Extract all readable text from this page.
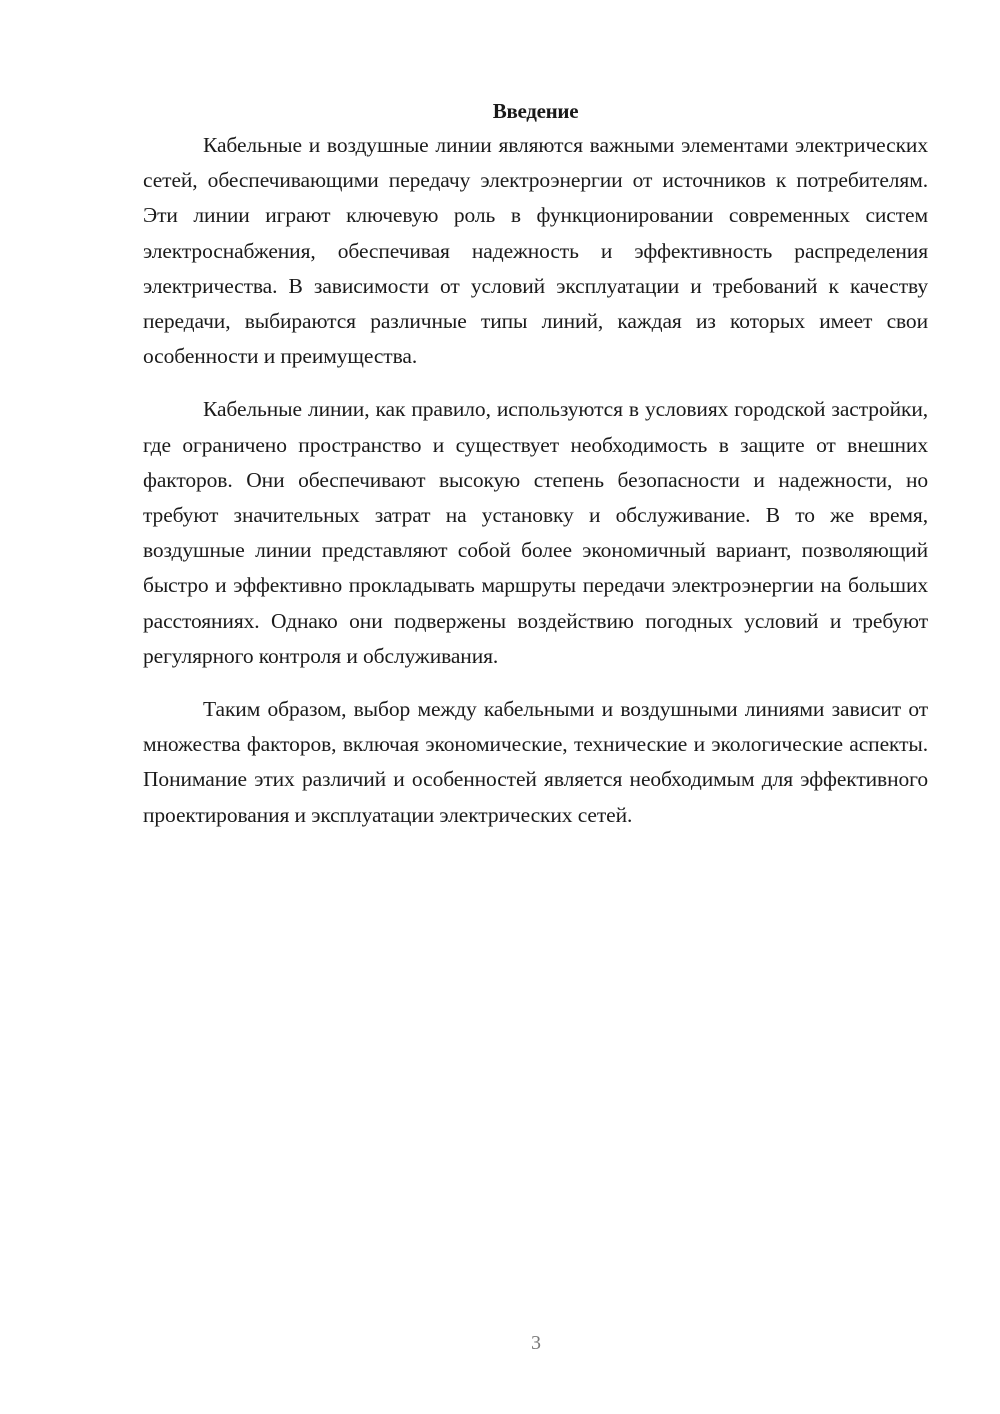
Введение

Кабельные и воздушные линии являются важными элементами электрических сетей, обеспечивающими передачу электроэнергии от источников к потребителям. Эти линии играют ключевую роль в функционировании современных систем электроснабжения, обеспечивая надежность и эффективность распределения электричества. В зависимости от условий эксплуатации и требований к качеству передачи, выбираются различные типы линий, каждая из которых имеет свои особенности и преимущества.

Кабельные линии, как правило, используются в условиях городской застройки, где ограничено пространство и существует необходимость в защите от внешних факторов. Они обеспечивают высокую степень безопасности и надежности, но требуют значительных затрат на установку и обслуживание. В то же время, воздушные линии представляют собой более экономичный вариант, позволяющий быстро и эффективно прокладывать маршруты передачи электроэнергии на больших расстояниях. Однако они подвержены воздействию погодных условий и требуют регулярного контроля и обслуживания.

Таким образом, выбор между кабельными и воздушными линиями зависит от множества факторов, включая экономические, технические и экологические аспекты. Понимание этих различий и особенностей является необходимым для эффективного проектирования и эксплуатации электрических сетей.

3
